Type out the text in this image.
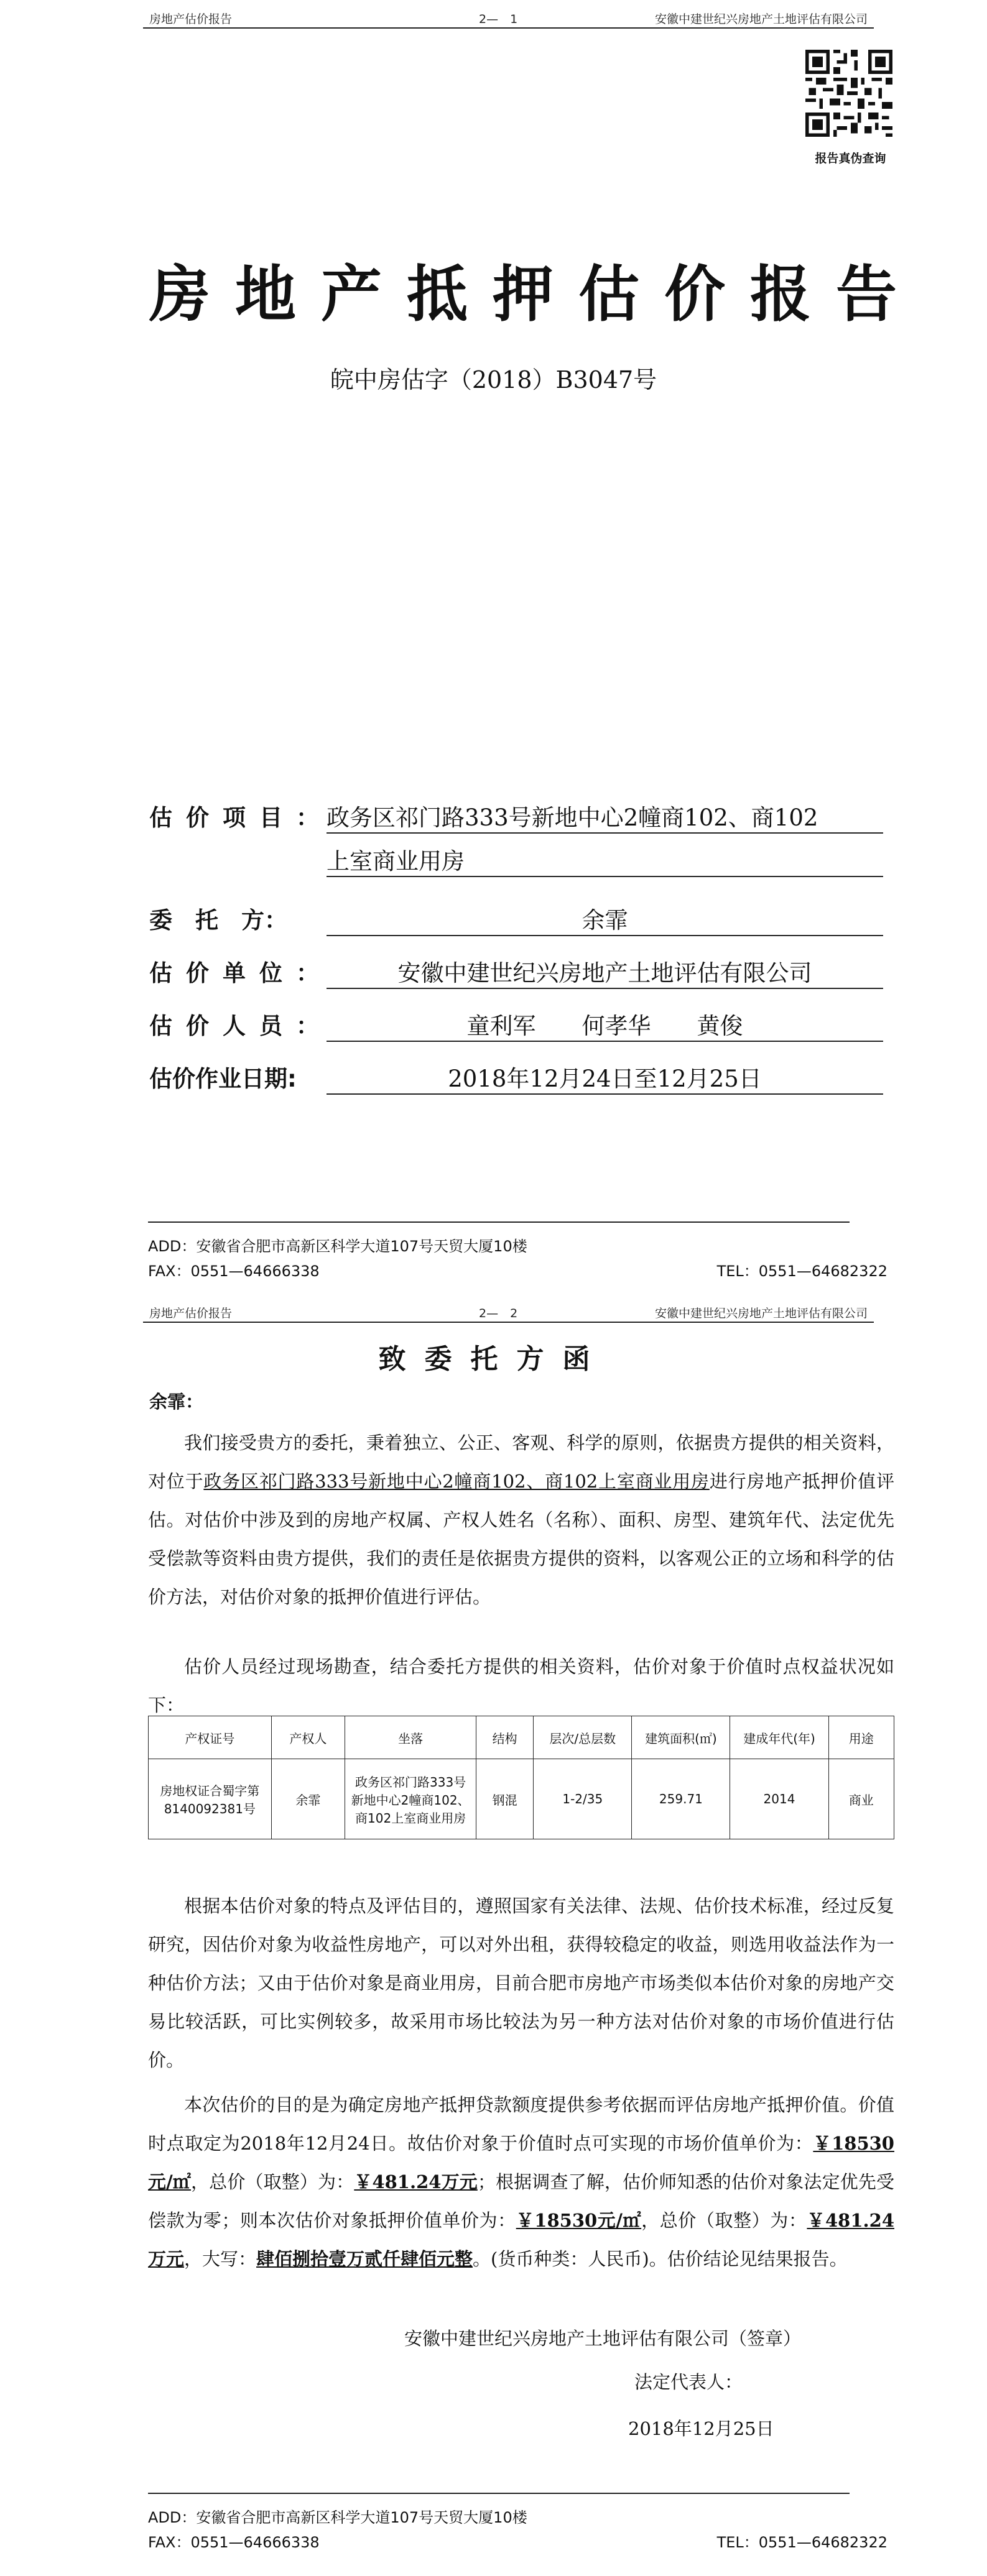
房地产估价报告	2—　1	安徽中建世纪兴房地产土地评估有限公司
报告真伪查询
房地产抵押估价报告
皖中房估字（2018）B3047号
估价项目：
政务区祁门路333号新地中心2幢商102、商102
上室商业用房
委　托　方：	余霏
估价单位：	安徽中建世纪兴房地产土地评估有限公司
估价人员：	童利军　　何孝华　　黄俊
估价作业日期:	2018年12月24日至12月25日
ADD：安徽省合肥市高新区科学大道107号天贸大厦10楼
FAX：0551—64666338	TEL：0551—64682322
房地产估价报告	2—　2	安徽中建世纪兴房地产土地评估有限公司
致委托方函
余霏：
我们接受贵方的委托，秉着独立、公正、客观、科学的原则，依据贵方提供的相关资料，对位于政务区祁门路333号新地中心2幢商102、商102上室商业用房进行房地产抵押价值评估。对估价中涉及到的房地产权属、产权人姓名（名称）、面积、房型、建筑年代、法定优先受偿款等资料由贵方提供，我们的责任是依据贵方提供的资料，以客观公正的立场和科学的估价方法，对估价对象的抵押价值进行评估。
估价人员经过现场勘查，结合委托方提供的相关资料，估价对象于价值时点权益状况如下：
产权证号	产权人	坐落	结构	层次/总层数	建筑面积(㎡)	建成年代(年)	用途
房地权证合蜀字第8140092381号	余霏	政务区祁门路333号新地中心2幢商102、商102上室商业用房	钢混	1-2/35	259.71	2014	商业
根据本估价对象的特点及评估目的，遵照国家有关法律、法规、估价技术标准，经过反复研究，因估价对象为收益性房地产，可以对外出租，获得较稳定的收益，则选用收益法作为一种估价方法；又由于估价对象是商业用房，目前合肥市房地产市场类似本估价对象的房地产交易比较活跃，可比实例较多，故采用市场比较法为另一种方法对估价对象的市场价值进行估价。
本次估价的目的是为确定房地产抵押贷款额度提供参考依据而评估房地产抵押价值。价值时点取定为2018年12月24日。故估价对象于价值时点可实现的市场价值单价为：￥18530元/㎡，总价（取整）为：￥481.24万元；根据调查了解，估价师知悉的估价对象法定优先受偿款为零；则本次估价对象抵押价值单价为：￥18530元/㎡，总价（取整）为：￥481.24万元，大写：肆佰捌拾壹万贰仟肆佰元整。(货币种类：人民币)。估价结论见结果报告。
安徽中建世纪兴房地产土地评估有限公司（签章）
法定代表人：
2018年12月25日
ADD：安徽省合肥市高新区科学大道107号天贸大厦10楼
FAX：0551—64666338	TEL：0551—64682322
